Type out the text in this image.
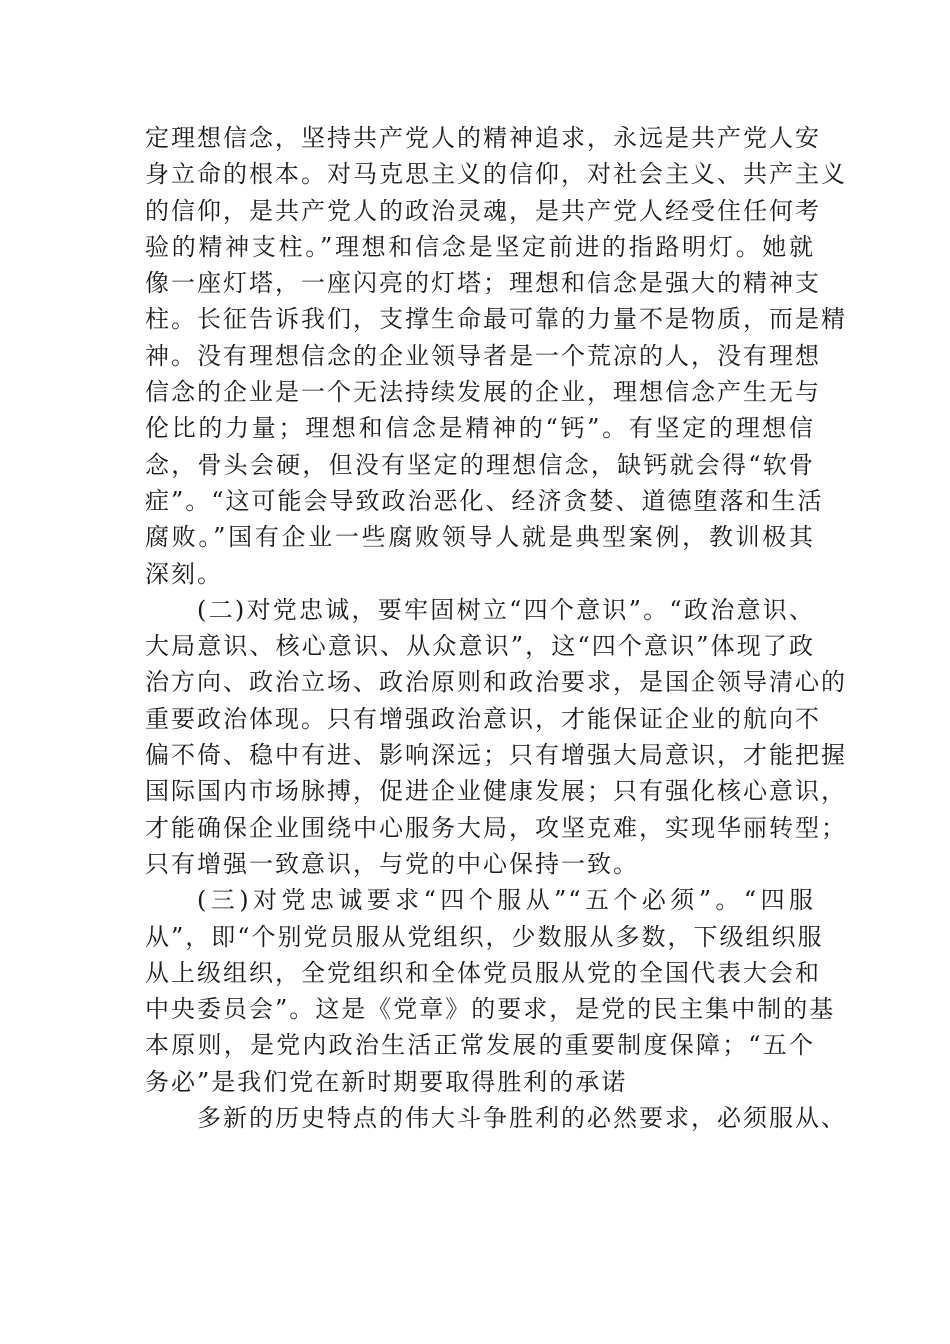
定理想信念，坚持共产党人的精神追求，永远是共产党人安
身立命的根本。对马克思主义的信仰，对社会主义、共产主义
的信仰，是共产党人的政治灵魂，是共产党人经受住任何考
验的精神支柱。”理想和信念是坚定前进的指路明灯。她就
像一座灯塔，一座闪亮的灯塔；理想和信念是强大的精神支
柱。长征告诉我们，支撑生命最可靠的力量不是物质，而是精
神。没有理想信念的企业领导者是一个荒凉的人，没有理想
信念的企业是一个无法持续发展的企业，理想信念产生无与
伦比的力量；理想和信念是精神的“钙”。有坚定的理想信
念，骨头会硬，但没有坚定的理想信念，缺钙就会得“软骨
症”。“这可能会导致政治恶化、经济贪婪、道德堕落和生活
腐败。”国有企业一些腐败领导人就是典型案例，教训极其
深刻。
(二)对党忠诚，要牢固树立“四个意识”。“政治意识、
大局意识、核心意识、从众意识”，这“四个意识”体现了政
治方向、政治立场、政治原则和政治要求，是国企领导清心的
重要政治体现。只有增强政治意识，才能保证企业的航向不
偏不倚、稳中有进、影响深远；只有增强大局意识，才能把握
国际国内市场脉搏，促进企业健康发展；只有强化核心意识，
才能确保企业围绕中心服务大局，攻坚克难，实现华丽转型；
只有增强一致意识，与党的中心保持一致。
(三)对党忠诚要求“四个服从”“五个必须”。“四服
从”，即“个别党员服从党组织，少数服从多数，下级组织服
从上级组织，全党组织和全体党员服从党的全国代表大会和
中央委员会”。这是《党章》的要求，是党的民主集中制的基
本原则，是党内政治生活正常发展的重要制度保障；“五个
务必”是我们党在新时期要取得胜利的承诺
多新的历史特点的伟大斗争胜利的必然要求，必须服从、
